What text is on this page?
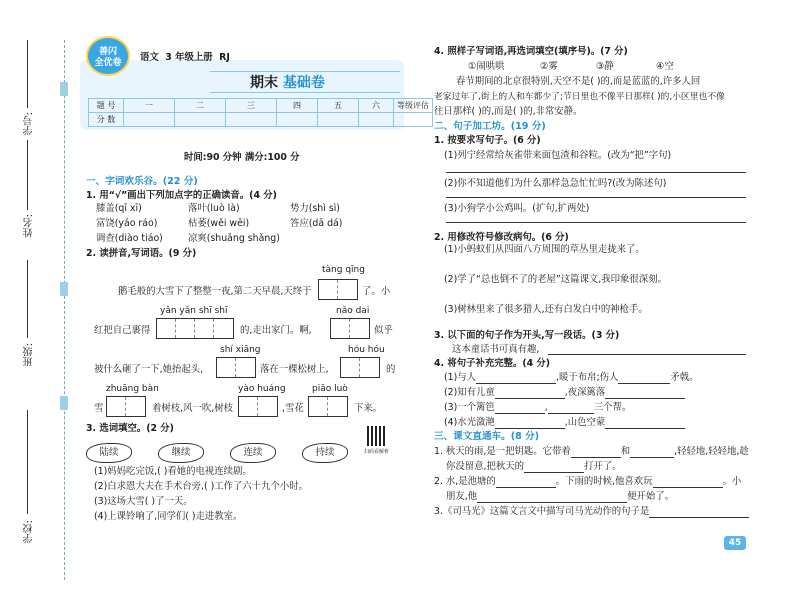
学号:
姓名:
班级:
学校:
善闪
全优卷	语文 3 年级上册 RJ
期末 基础卷
题 号	一	二	三	四	五	六	等级评估
分 数							
时间:90 分钟 满分:100 分
一、字词欢乐谷。(22 分)
1. 用“√”画出下列加点字的正确读音。(4 分)
膝盖(qī xī)	落叶(luò là)	势力(shì sì)
富饶(yáo ráo)	枯萎(wěi wēi)	答应(dā dá)
调查(diào tiáo)	凉爽(shuǎng shǎng)
2. 读拼音,写词语。(9 分)
tàng qīng
鹅毛般的大雪下了整整一夜,第二天早晨,天终于	了。小
yǎn yǎn shī shī	nǎo dai
红把自己裹得	的,走出家门。啊,	似乎
shí xiāng	hóu hóu
被什么砸了一下,她抬起头,	落在一棵松树上,	的
zhuāng bàn	yào huáng	piāo luò
雪	着树枝,风一吹,树枝	,雪花	下来。
3. 选词填空。(2 分)
扫码看解析
陆续	继续	连续	持续
(1)妈妈吃完饭,( )看她的电视连续剧。
(2)白求恩大夫在手术台旁,( )工作了六十九个小时。
(3)这场大雪( )了一天。
(4)上课铃响了,同学们( )走进教室。
4. 照样子写词语,再选词填空(填序号)。(7 分)
①闹哄哄	②雾	③静	④空
春节期间的北京很特别,天空不是( )的,而是蓝蓝的,许多人回
老家过年了,街上的人和车都少了;节日里也不像平日那样( )的,小区里也不像
往日那样( )的,而是( )的,非常安静。
二、句子加工坊。(19 分)
1. 按要求写句子。(6 分)
(1)列宁经常给灰雀带来面包渣和谷粒。(改为“把”字句)
(2)你不知道他们为什么那样急急忙忙吗?(改为陈述句)
(3)小狗学小公鸡叫。(扩句,扩两处)
2. 用修改符号修改病句。(6 分)
(1)小蚂蚁们从四面八方周围的草丛里走拢来了。
(2)学了“总也倒不了的老屋”这篇课文,我印象很深刻。
(3)树林里来了很多猎人,还有白发白中的神枪手。
3. 以下面的句子作为开头,写一段话。(3 分)
这本童话书可真有趣,
4. 将句子补充完整。(4 分)
(1)与人	,暖于布帛;伤人	矛戟。
(2)知有儿童	,夜深篱落
(3)一个篱笆	,	三个帮。
(4)水光潋滟	,山色空蒙
三、课文直通车。(8 分)
1. 秋天的雨,是一把钥匙。它带着	和	,轻轻地,轻轻地,趁
你没留意,把秋天的	打开了。
2. 水,是池塘的	。下雨的时候,他喜欢玩	。小
朋友,他	便开始了。
3.《司马光》这篇文言文中描写司马光动作的句子是
45
